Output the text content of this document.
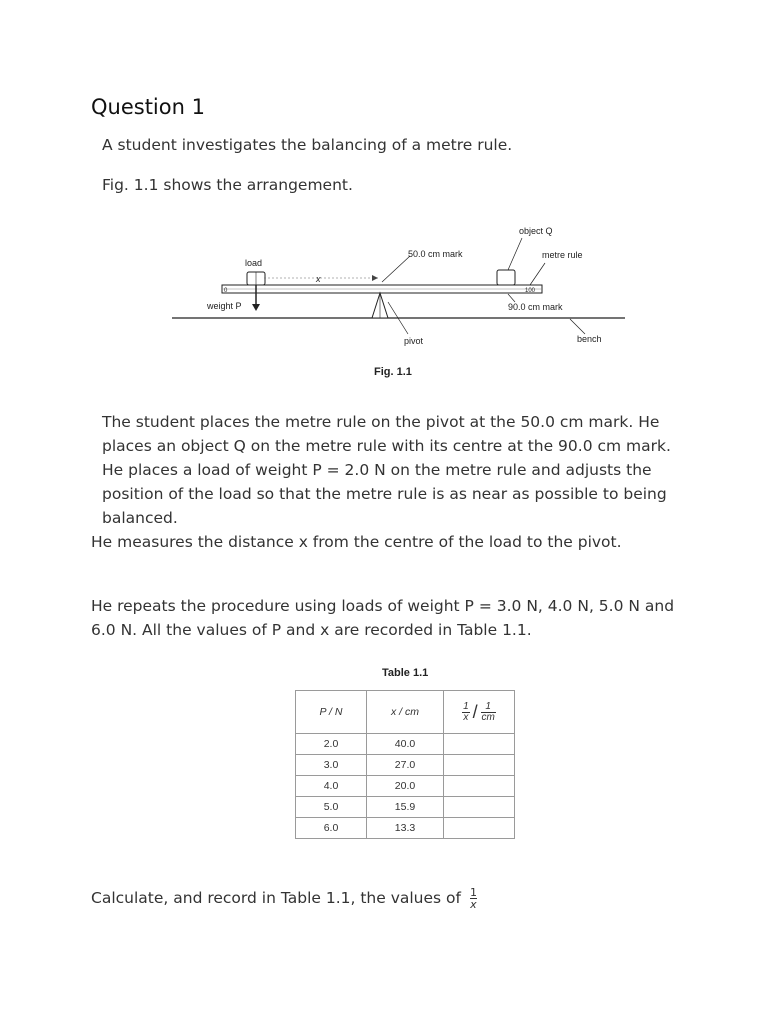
Question 1
A student investigates the balancing of a metre rule.
Fig. 1.1 shows the arrangement.
object Q
metre rule
load
50.0 cm mark
x
weight P	90.0 cm mark
pivot	bench
0	100
Fig. 1.1
The student places the metre rule on the pivot at the 50.0 cm mark. He places an object Q on the metre rule with its centre at the 90.0 cm mark. He places a load of weight P = 2.0 N on the metre rule and adjusts the position of the load so that the metre rule is as near as possible to being balanced.
He measures the distance x from the centre of the load to the pivot.
He repeats the procedure using loads of weight P = 3.0 N, 4.0 N, 5.0 N and 6.0 N. All the values of P and x are recorded in Table 1.1.
Table 1.1
P / N	x / cm	$\frac{1}{x} / \frac{1}{cm}$

2.0	40.0	
3.0	27.0	
4.0	20.0	
5.0	15.9	
6.0	13.3	
Calculate, and record in Table 1.1, the values of $\frac{1}{x}$
